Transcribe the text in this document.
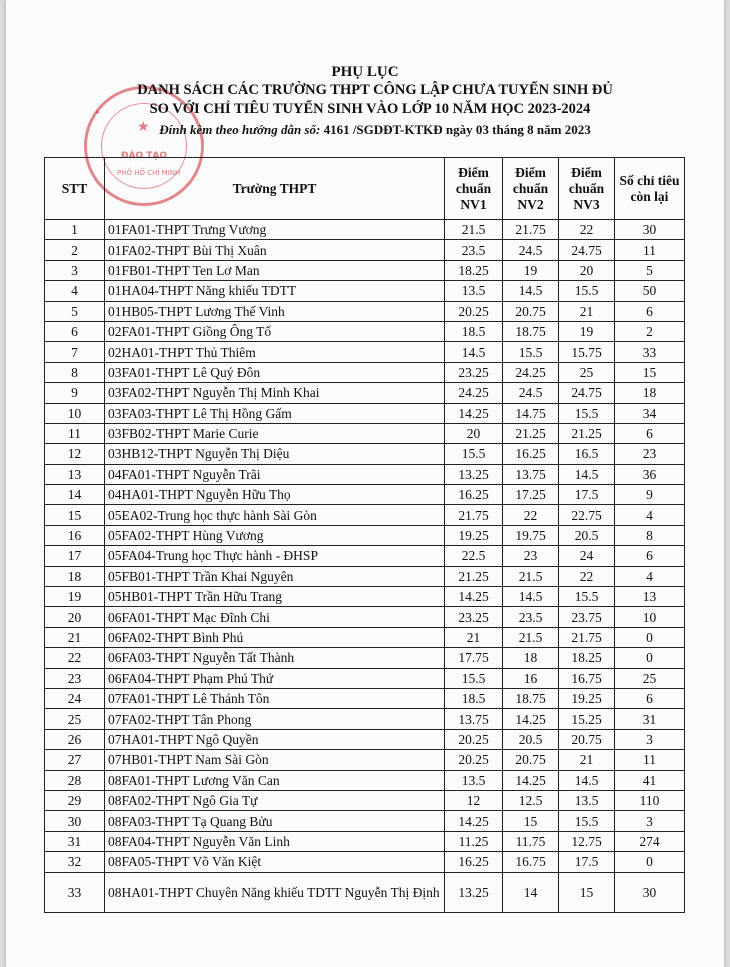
★
★
ĐÀO TẠO
PHỐ HỒ CHÍ MINH
PHỤ LỤC
DANH SÁCH CÁC TRƯỜNG THPT CÔNG LẬP CHƯA TUYỂN SINH ĐỦ
SO VỚI CHỈ TIÊU TUYỂN SINH VÀO LỚP 10 NĂM HỌC 2023-2024
Đính kèm theo hướng dẫn số: 4161 /SGDĐT-KTKĐ ngày 03 tháng 8 năm 2023
STT	Trường THPT	Điểm chuẩn NV1	Điểm chuẩn NV2	Điểm chuẩn NV3	Số chỉ tiêu còn lại
1	01FA01-THPT Trưng Vương	21.5	21.75	22	30
2	01FA02-THPT Bùi Thị Xuân	23.5	24.5	24.75	11
3	01FB01-THPT Ten Lơ Man	18.25	19	20	5
4	01HA04-THPT Năng khiếu TDTT	13.5	14.5	15.5	50
5	01HB05-THPT Lương Thế Vinh	20.25	20.75	21	6
6	02FA01-THPT Giồng Ông Tố	18.5	18.75	19	2
7	02HA01-THPT Thủ Thiêm	14.5	15.5	15.75	33
8	03FA01-THPT Lê Quý Đôn	23.25	24.25	25	15
9	03FA02-THPT Nguyễn Thị Minh Khai	24.25	24.5	24.75	18
10	03FA03-THPT Lê Thị Hồng Gấm	14.25	14.75	15.5	34
11	03FB02-THPT Marie Curie	20	21.25	21.25	6
12	03HB12-THPT Nguyễn Thị Diệu	15.5	16.25	16.5	23
13	04FA01-THPT Nguyễn Trãi	13.25	13.75	14.5	36
14	04HA01-THPT Nguyễn Hữu Thọ	16.25	17.25	17.5	9
15	05EA02-Trung học thực hành Sài Gòn	21.75	22	22.75	4
16	05FA02-THPT Hùng Vương	19.25	19.75	20.5	8
17	05FA04-Trung học Thực hành - ĐHSP	22.5	23	24	6
18	05FB01-THPT Trần Khai Nguyên	21.25	21.5	22	4
19	05HB01-THPT Trần Hữu Trang	14.25	14.5	15.5	13
20	06FA01-THPT Mạc Đĩnh Chi	23.25	23.5	23.75	10
21	06FA02-THPT Bình Phú	21	21.5	21.75	0
22	06FA03-THPT Nguyễn Tất Thành	17.75	18	18.25	0
23	06FA04-THPT Phạm Phú Thứ	15.5	16	16.75	25
24	07FA01-THPT Lê Thánh Tôn	18.5	18.75	19.25	6
25	07FA02-THPT Tân Phong	13.75	14.25	15.25	31
26	07HA01-THPT Ngô Quyền	20.25	20.5	20.75	3
27	07HB01-THPT Nam Sài Gòn	20.25	20.75	21	11
28	08FA01-THPT Lương Văn Can	13.5	14.25	14.5	41
29	08FA02-THPT Ngô Gia Tự	12	12.5	13.5	110
30	08FA03-THPT Tạ Quang Bửu	14.25	15	15.5	3
31	08FA04-THPT Nguyễn Văn Linh	11.25	11.75	12.75	274
32	08FA05-THPT Võ Văn Kiệt	16.25	16.75	17.5	0
33	08HA01-THPT Chuyên Năng khiếu TDTT Nguyễn Thị Định	13.25	14	15	30
